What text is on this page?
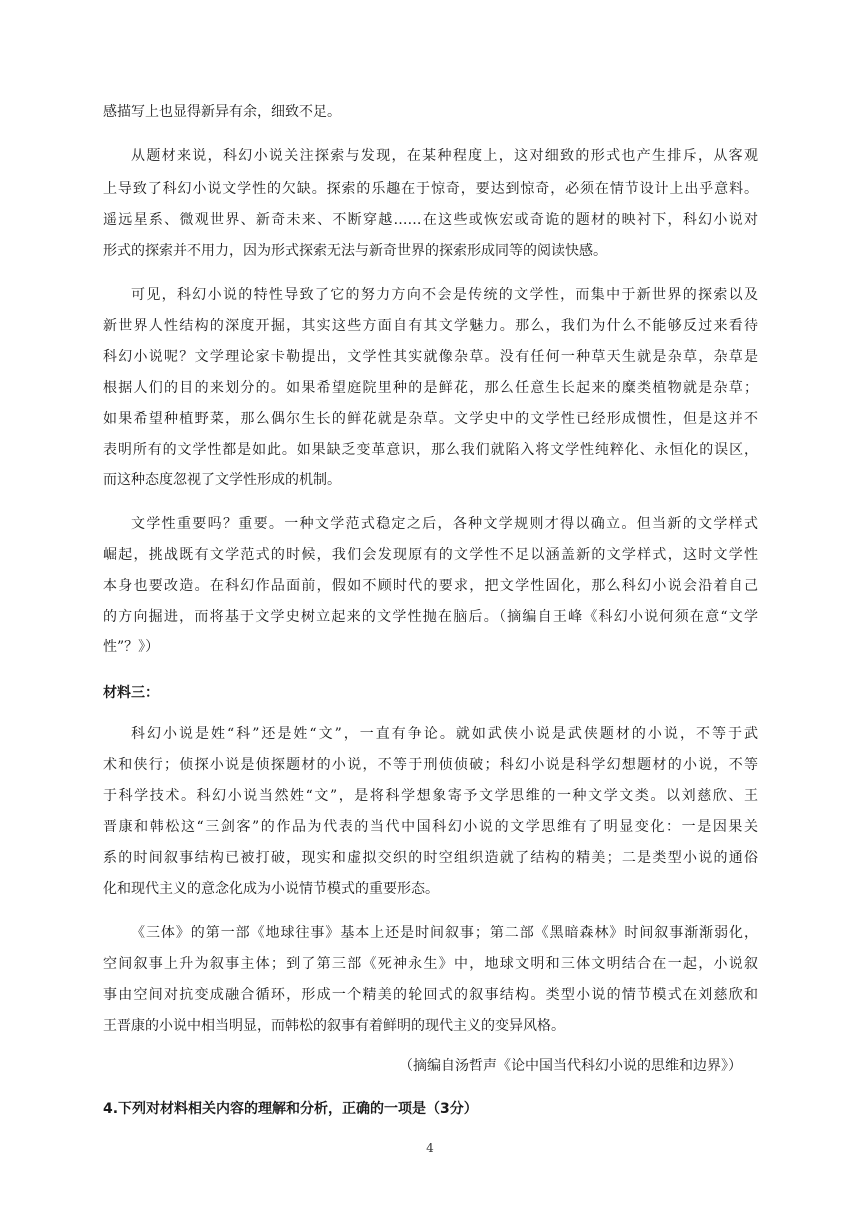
感描写上也显得新异有余，细致不足。
从题材来说，科幻小说关注探索与发现，在某种程度上，这对细致的形式也产生排斥，从客观
上导致了科幻小说文学性的欠缺。探索的乐趣在于惊奇，要达到惊奇，必须在情节设计上出乎意料。
遥远星系、微观世界、新奇未来、不断穿越……在这些或恢宏或奇诡的题材的映衬下，科幻小说对
形式的探索并不用力，因为形式探索无法与新奇世界的探索形成同等的阅读快感。
可见，科幻小说的特性导致了它的努力方向不会是传统的文学性，而集中于新世界的探索以及
新世界人性结构的深度开掘，其实这些方面自有其文学魅力。那么，我们为什么不能够反过来看待
科幻小说呢？文学理论家卡勒提出，文学性其实就像杂草。没有任何一种草天生就是杂草，杂草是
根据人们的目的来划分的。如果希望庭院里种的是鲜花，那么任意生长起来的糜类植物就是杂草；
如果希望种植野菜，那么偶尔生长的鲜花就是杂草。文学史中的文学性已经形成惯性，但是这并不
表明所有的文学性都是如此。如果缺乏变革意识，那么我们就陷入将文学性纯粹化、永恒化的误区，
而这种态度忽视了文学性形成的机制。
文学性重要吗？重要。一种文学范式稳定之后，各种文学规则才得以确立。但当新的文学样式
崛起，挑战既有文学范式的时候，我们会发现原有的文学性不足以涵盖新的文学样式，这时文学性
本身也要改造。在科幻作品面前，假如不顾时代的要求，把文学性固化，那么科幻小说会沿着自己
的方向掘进，而将基于文学史树立起来的文学性抛在脑后。（摘编自王峰《科幻小说何须在意“文学
性”？》）
材料三：
科幻小说是姓“科”还是姓“文”，一直有争论。就如武侠小说是武侠题材的小说，不等于武
术和侠行；侦探小说是侦探题材的小说，不等于刑侦侦破；科幻小说是科学幻想题材的小说，不等
于科学技术。科幻小说当然姓“文”，是将科学想象寄予文学思维的一种文学文类。以刘慈欣、王
晋康和韩松这“三剑客”的作品为代表的当代中国科幻小说的文学思维有了明显变化：一是因果关
系的时间叙事结构已被打破，现实和虚拟交织的时空组织造就了结构的精美；二是类型小说的通俗
化和现代主义的意念化成为小说情节模式的重要形态。
《三体》的第一部《地球往事》基本上还是时间叙事；第二部《黑暗森林》时间叙事渐渐弱化，
空间叙事上升为叙事主体；到了第三部《死神永生》中，地球文明和三体文明结合在一起，小说叙
事由空间对抗变成融合循环，形成一个精美的轮回式的叙事结构。类型小说的情节模式在刘慈欣和
王晋康的小说中相当明显，而韩松的叙事有着鲜明的现代主义的变异风格。
（摘编自汤哲声《论中国当代科幻小说的思维和边界》）
4.下列对材料相关内容的理解和分析，正确的一项是（3分）
4
